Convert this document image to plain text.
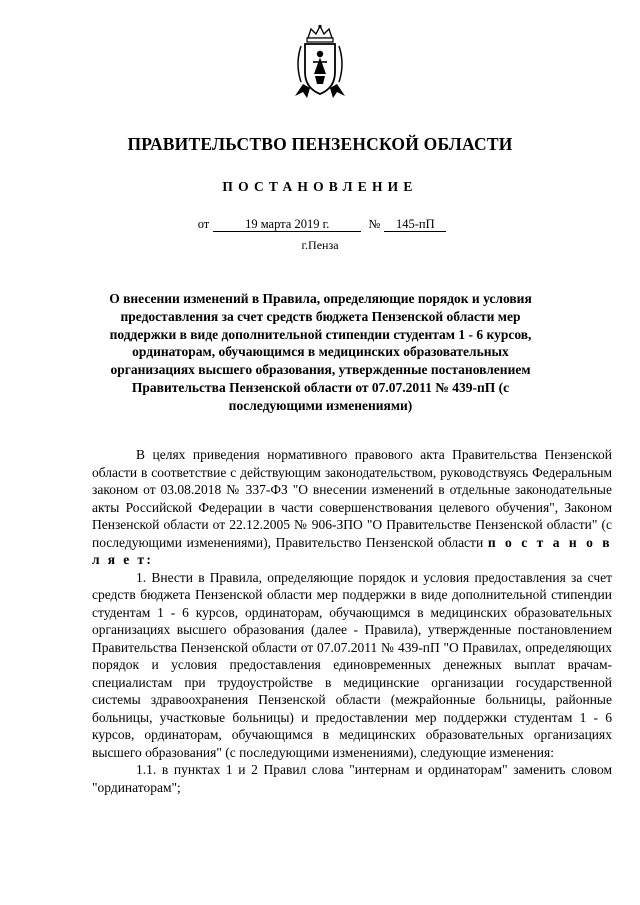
ПРАВИТЕЛЬСТВО ПЕНЗЕНСКОЙ ОБЛАСТИ
ПОСТАНОВЛЕНИЕ
от	19 марта 2019 г.	№ 145-пП
г.Пенза
О внесении изменений в Правила, определяющие порядок и условия предоставления за счет средств бюджета Пензенской области мер поддержки в виде дополнительной стипендии студентам 1 - 6 курсов, ординаторам, обучающимся в медицинских образовательных организациях высшего образования, утвержденные постановлением Правительства Пензенской области от 07.07.2011 № 439-пП (с последующими изменениями)

В целях приведения нормативного правового акта Правительства Пензенской области в соответствие с действующим законодательством, руководствуясь Федеральным законом от 03.08.2018 № 337-ФЗ "О внесении изменений в отдельные законодательные акты Российской Федерации в части совершенствования целевого обучения", Законом Пензенской области от 22.12.2005 № 906-ЗПО "О Правительстве Пензенской области" (с последующими изменениями), Правительство Пензенской области п о с т а н о в л я е т:

1. Внести в Правила, определяющие порядок и условия предоставления за счет средств бюджета Пензенской области мер поддержки в виде дополнительной стипендии студентам 1 - 6 курсов, ординаторам, обучающимся в медицинских образовательных организациях высшего образования (далее - Правила), утвержденные постановлением Правительства Пензенской области от 07.07.2011 № 439-пП "О Правилах, определяющих порядок и условия предоставления единовременных денежных выплат врачам-специалистам при трудоустройстве в медицинские организации государственной системы здравоохранения Пензенской области (межрайонные больницы, районные больницы, участковые больницы) и предоставлении мер поддержки студентам 1 - 6 курсов, ординаторам, обучающимся в медицинских образовательных организациях высшего образования" (с последующими изменениями), следующие изменения:

1.1. в пунктах 1 и 2 Правил слова "интернам и ординаторам" заменить словом "ординаторам";
